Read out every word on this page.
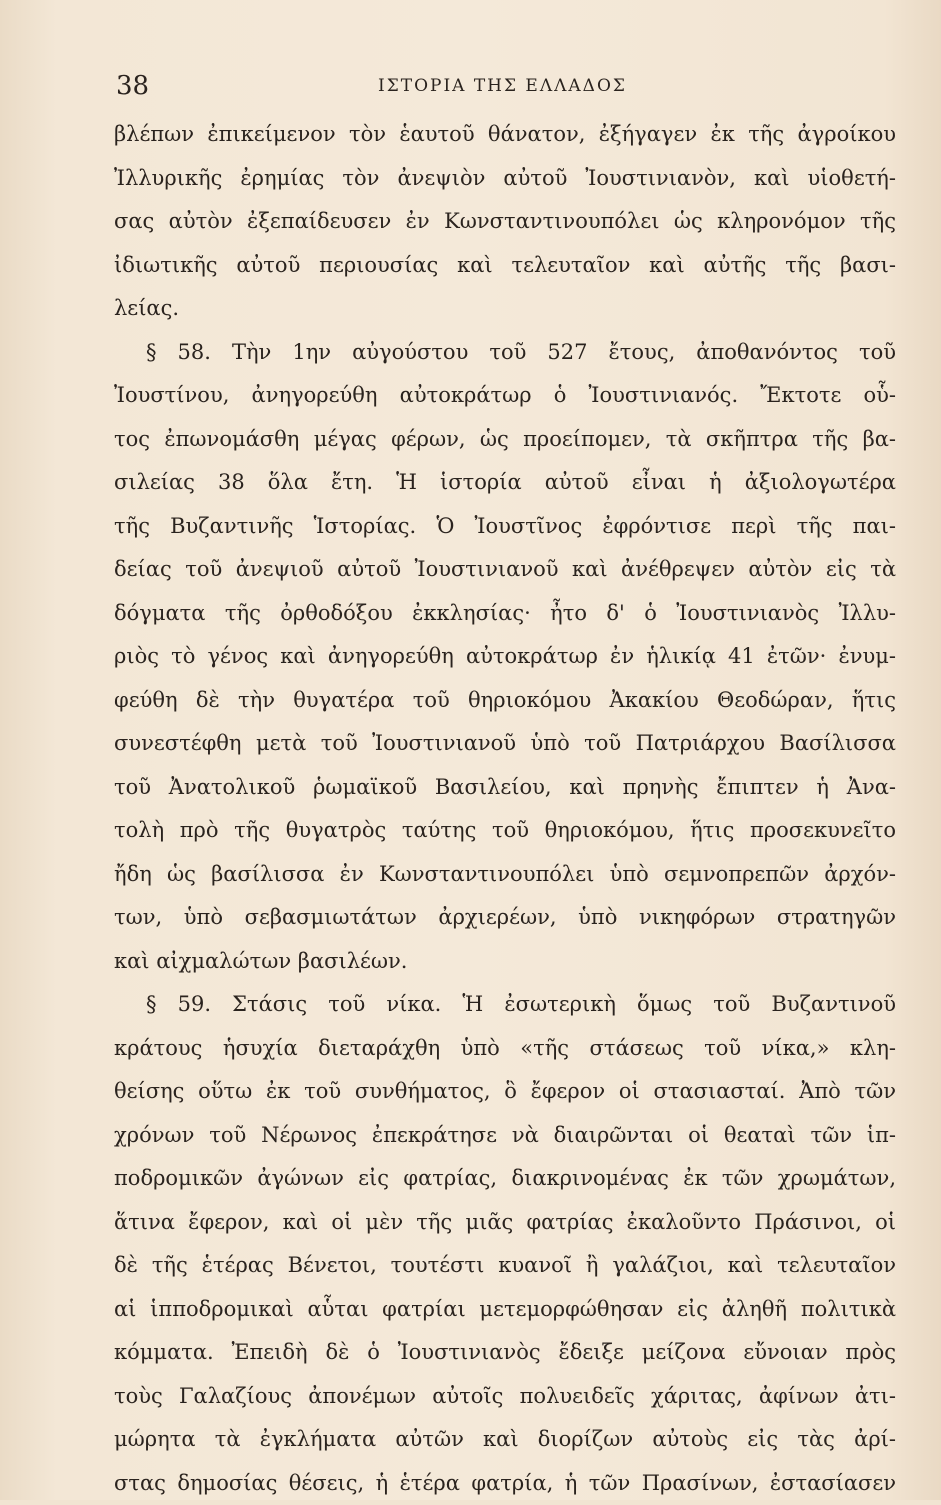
38	ΙΣΤΟΡΙΑ ΤΗΣ ΕΛΛΑΔΟΣ
βλέπων ἐπικείμενον τὸν ἑαυτοῦ θάνατον, ἐξήγαγεν ἐκ τῆς ἀγροίκου
Ἰλλυρικῆς ἐρημίας τὸν ἀνεψιὸν αὐτοῦ Ἰουστινιανὸν, καὶ υἱοθετή-
σας αὐτὸν ἐξεπαίδευσεν ἐν Κωνσταντινουπόλει ὡς κληρονόμον τῆς
ἰδιωτικῆς αὐτοῦ περιουσίας καὶ τελευταῖον καὶ αὐτῆς τῆς βασι-
λείας.
§ 58. Τὴν 1ην αὐγούστου τοῦ 527 ἔτους, ἀποθανόντος τοῦ
Ἰουστίνου, ἀνηγορεύθη αὐτοκράτωρ ὁ Ἰουστινιανός. Ἔκτοτε οὗ-
τος ἐπωνομάσθη μέγας φέρων, ὡς προείπομεν, τὰ σκῆπτρα τῆς βα-
σιλείας 38 ὅλα ἔτη. Ἡ ἱστορία αὐτοῦ εἶναι ἡ ἀξιολογωτέρα
τῆς Βυζαντινῆς Ἱστορίας. Ὁ Ἰουστῖνος ἐφρόντισε περὶ τῆς παι-
δείας τοῦ ἀνεψιοῦ αὐτοῦ Ἰουστινιανοῦ καὶ ἀνέθρεψεν αὐτὸν εἰς τὰ
δόγματα τῆς ὀρθοδόξου ἐκκλησίας· ἦτο δ' ὁ Ἰουστινιανὸς Ἰλλυ-
ριὸς τὸ γένος καὶ ἀνηγορεύθη αὐτοκράτωρ ἐν ἡλικίᾳ 41 ἐτῶν· ἐνυμ-
φεύθη δὲ τὴν θυγατέρα τοῦ θηριοκόμου Ἀκακίου Θεοδώραν, ἥτις
συνεστέφθη μετὰ τοῦ Ἰουστινιανοῦ ὑπὸ τοῦ Πατριάρχου Βασίλισσα
τοῦ Ἀνατολικοῦ ῥωμαϊκοῦ Βασιλείου, καὶ πρηνὴς ἔπιπτεν ἡ Ἀνα-
τολὴ πρὸ τῆς θυγατρὸς ταύτης τοῦ θηριοκόμου, ἥτις προσεκυνεῖτο
ἤδη ὡς βασίλισσα ἐν Κωνσταντινουπόλει ὑπὸ σεμνοπρεπῶν ἀρχόν-
των, ὑπὸ σεβασμιωτάτων ἀρχιερέων, ὑπὸ νικηφόρων στρατηγῶν
καὶ αἰχμαλώτων βασιλέων.
§ 59. Στάσις τοῦ νίκα. Ἡ ἐσωτερικὴ ὅμως τοῦ Βυζαντινοῦ
κράτους ἡσυχία διεταράχθη ὑπὸ «τῆς στάσεως τοῦ νίκα,» κλη-
θείσης οὕτω ἐκ τοῦ συνθήματος, ὃ ἔφερον οἱ στασιασταί. Ἀπὸ τῶν
χρόνων τοῦ Νέρωνος ἐπεκράτησε νὰ διαιρῶνται οἱ θεαταὶ τῶν ἱπ-
ποδρομικῶν ἀγώνων εἰς φατρίας, διακρινομένας ἐκ τῶν χρωμάτων,
ἅτινα ἔφερον, καὶ οἱ μὲν τῆς μιᾶς φατρίας ἐκαλοῦντο Πράσινοι, οἱ
δὲ τῆς ἑτέρας Βένετοι, τουτέστι κυανοῖ ἢ γαλάζιοι, καὶ τελευταῖον
αἱ ἱπποδρομικαὶ αὗται φατρίαι μετεμορφώθησαν εἰς ἀληθῆ πολιτικὰ
κόμματα. Ἐπειδὴ δὲ ὁ Ἰουστινιανὸς ἔδειξε μείζονα εὔνοιαν πρὸς
τοὺς Γαλαζίους ἀπονέμων αὐτοῖς πολυειδεῖς χάριτας, ἀφίνων ἀτι-
μώρητα τὰ ἐγκλήματα αὐτῶν καὶ διορίζων αὐτοὺς εἰς τὰς ἀρί-
στας δημοσίας θέσεις, ἡ ἑτέρα φατρία, ἡ τῶν Πρασίνων, ἐστασίασεν
